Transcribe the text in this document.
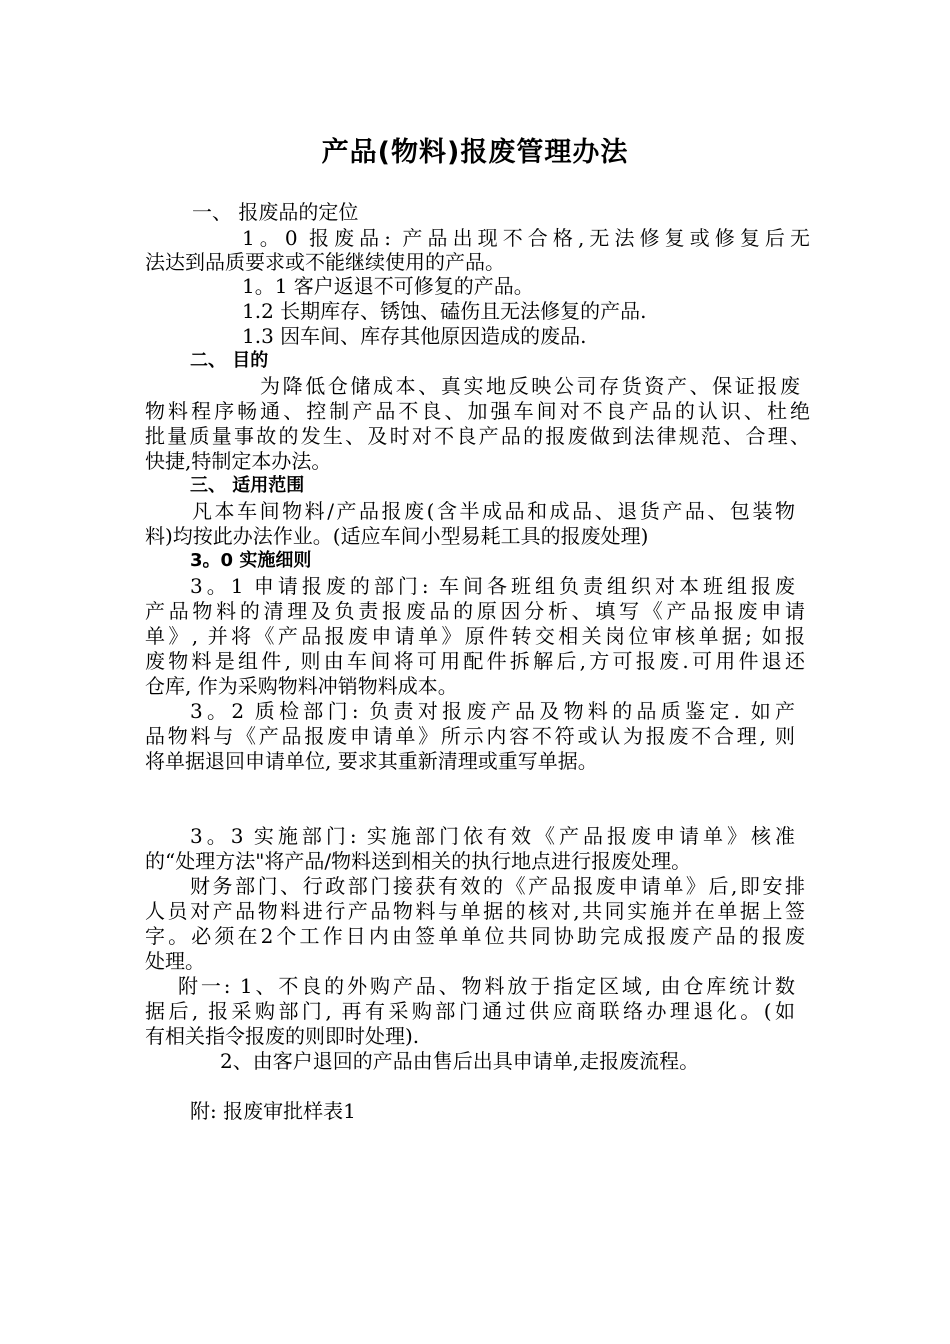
产品(物料)报废管理办法
一、 报废品的定位
1。0 报废品: 产品出现不合格,无法修复或修复后无
法达到品质要求或不能继续使用的产品。
1。1 客户返退不可修复的产品。
1.2 长期库存、锈蚀、磕伤且无法修复的产品.
1.3 因车间、库存其他原因造成的废品.
二、 目的
为降低仓储成本、真实地反映公司存货资产、保证报废
物料程序畅通、控制产品不良、加强车间对不良产品的认识、杜绝
批量质量事故的发生、及时对不良产品的报废做到法律规范、合理、
快捷,特制定本办法。
三、 适用范围
凡本车间物料/产品报废(含半成品和成品、退货产品、包装物
料)均按此办法作业。(适应车间小型易耗工具的报废处理)
3。0 实施细则
3。1 申请报废的部门: 车间各班组负责组织对本班组报废
产品物料的清理及负责报废品的原因分析、填写《产品报废申请
单》, 并将《产品报废申请单》原件转交相关岗位审核单据; 如报
废物料是组件, 则由车间将可用配件拆解后,方可报废.可用件退还
仓库, 作为采购物料冲销物料成本。
3。2 质检部门: 负责对报废产品及物料的品质鉴定. 如产
品物料与《产品报废申请单》所示内容不符或认为报废不合理, 则
将单据退回申请单位, 要求其重新清理或重写单据。
3。3 实施部门: 实施部门依有效《产品报废申请单》核准
的“处理方法"将产品/物料送到相关的执行地点进行报废处理。
财务部门、行政部门接获有效的《产品报废申请单》后,即安排
人员对产品物料进行产品物料与单据的核对,共同实施并在单据上签
字。必须在2个工作日内由签单单位共同协助完成报废产品的报废
处理。
附一: 1、不良的外购产品、物料放于指定区域, 由仓库统计数
据后, 报采购部门, 再有采购部门通过供应商联络办理退化。(如
有相关指令报废的则即时处理).
2、由客户退回的产品由售后出具申请单,走报废流程。
附: 报废审批样表1
